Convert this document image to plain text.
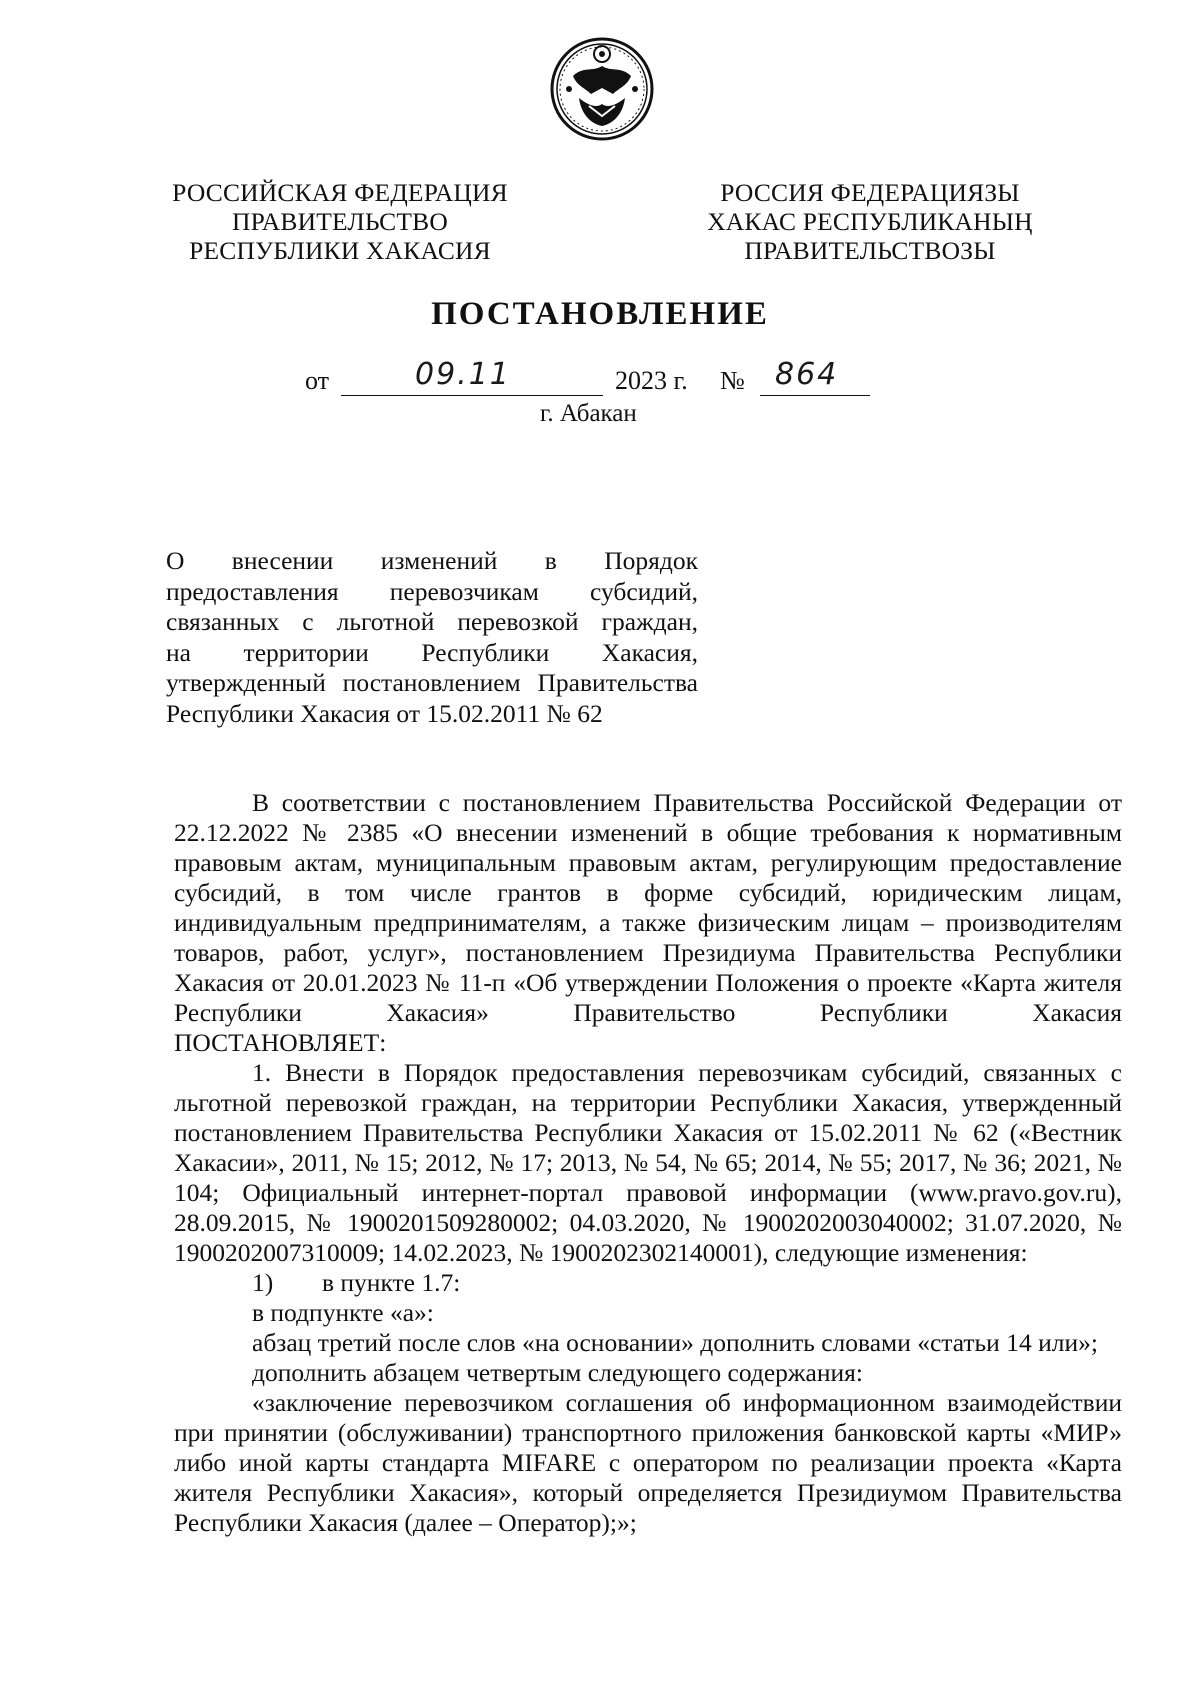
РОССИЙСКАЯ ФЕДЕРАЦИЯ
ПРАВИТЕЛЬСТВО
РЕСПУБЛИКИ ХАКАСИЯ
РОССИЯ ФЕДЕРАЦИЯЗЫ
ХАКАС РЕСПУБЛИКАНЫҢ
ПРАВИТЕЛЬСТВОЗЫ
ПОСТАНОВЛЕНИЕ
от	09.11	2023 г. № 864
г. Абакан
О внесении изменений в Порядок
предоставления перевозчикам субсидий,
связанных с льготной перевозкой граждан,
на территории Республики Хакасия,
утвержденный постановлением Правительства
Республики Хакасия от 15.02.2011 № 62

В соответствии с постановлением Правительства Российской Федерации от 22.12.2022 № 2385 «О внесении изменений в общие требования к нормативным правовым актам, муниципальным правовым актам, регулирующим предоставление субсидий, в том числе грантов в форме субсидий, юридическим лицам, индивидуальным предпринимателям, а также физическим лицам – производителям товаров, работ, услуг», постановлением Президиума Правительства Республики Хакасия от 20.01.2023 № 11-п «Об утверждении Положения о проекте «Карта жителя Республики Хакасия» Правительство Республики Хакасия

ПОСТАНОВЛЯЕТ:

1. Внести в Порядок предоставления перевозчикам субсидий, связанных с льготной перевозкой граждан, на территории Республики Хакасия, утвержденный постановлением Правительства Республики Хакасия от 15.02.2011 № 62 («Вестник Хакасии», 2011, № 15; 2012, № 17; 2013, № 54, № 65; 2014, № 55; 2017, № 36; 2021, № 104; Официальный интернет-портал правовой информации (www.pravo.gov.ru), 28.09.2015, № 1900201509280002; 04.03.2020, № 1900202003040002; 31.07.2020, № 1900202007310009; 14.02.2023, № 1900202302140001), следующие изменения:

1) в пункте 1.7:

в подпункте «а»:

абзац третий после слов «на основании» дополнить словами «статьи 14 или»;

дополнить абзацем четвертым следующего содержания:

«заключение перевозчиком соглашения об информационном взаимодействии при принятии (обслуживании) транспортного приложения банковской карты «МИР» либо иной карты стандарта MIFARE с оператором по реализации проекта «Карта жителя Республики Хакасия», который определяется Президиумом Правительства Республики Хакасия (далее – Оператор);»;
